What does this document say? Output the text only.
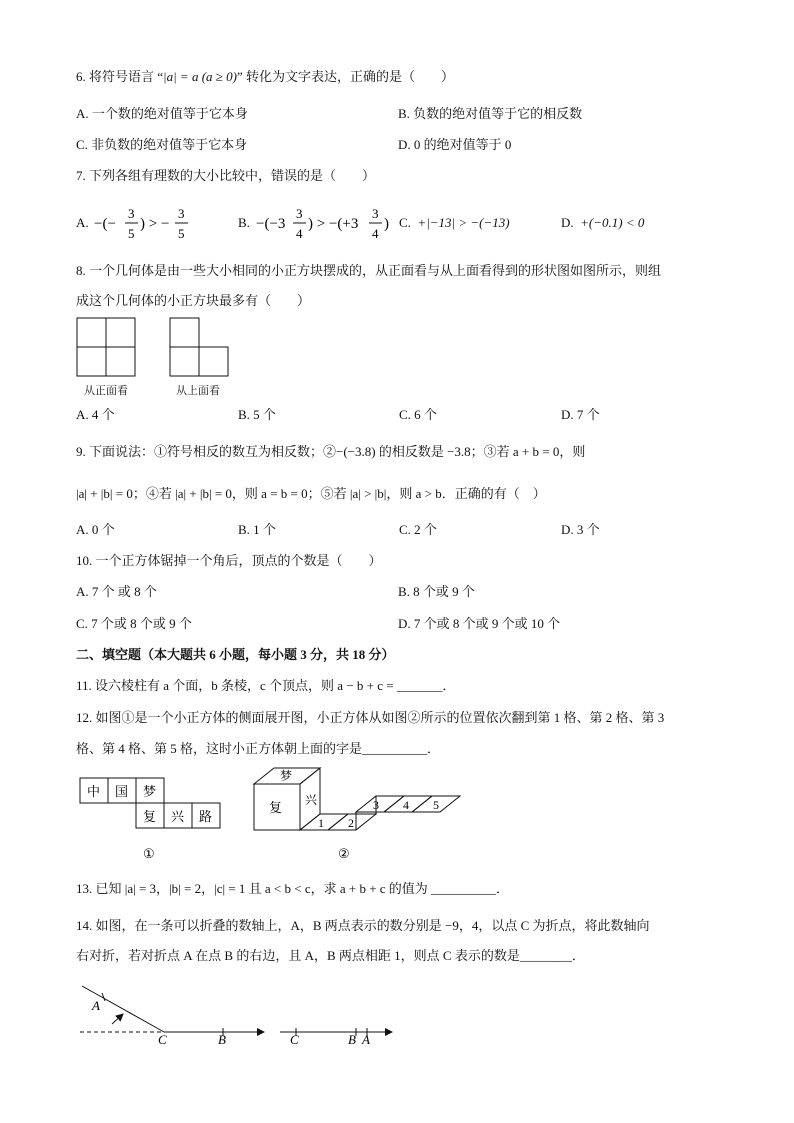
6. 将符号语言 “|a| = a (a ≥ 0)” 转化为文字表达，正确的是（　　）
A. 一个数的绝对值等于它本身	B. 负数的绝对值等于它的相反数
C. 非负数的绝对值等于它本身	D. 0 的绝对值等于 0
7. 下列各组有理数的大小比较中，错误的是（　　）
A. −(−
3
5
) > −
3
5
B. −(−3
3
4
) > −(+3
3
4
) C. +|−13| > −(−13)	D. +(−0.1) < 0
8. 一个几何体是由一些大小相同的小正方块摆成的，从正面看与从上面看得到的形状图如图所示，则组
成这个几何体的小正方块最多有（　　）
从正面看	从上面看
A. 4 个	B. 5 个	C. 6 个	D. 7 个
9. 下面说法：①符号相反的数互为相反数；②−(−3.8) 的相反数是 −3.8；③若 a + b = 0，则
|a| + |b| = 0；④若 |a| + |b| = 0，则 a = b = 0；⑤若 |a| > |b|，则 a > b．正确的有（　）
A. 0 个	B. 1 个	C. 2 个	D. 3 个
10. 一个正方体锯掉一个角后，顶点的个数是（　　）
A. 7 个 或 8 个	B. 8 个或 9 个
C. 7 个或 8 个或 9 个	D. 7 个或 8 个或 9 个或 10 个
二、填空题（本大题共 6 小题，每小题 3 分，共 18 分）
11. 设六棱柱有 a 个面，b 条棱，c 个顶点，则 a − b + c = _______．
12. 如图①是一个小正方体的侧面展开图，小正方体从如图②所示的位置依次翻到第 1 格、第 2 格、第 3
格、第 4 格、第 5 格，这时小正方体朝上面的字是__________．
中 国 梦
复 兴 路
①
梦
复 兴
1 2
3 4 5
②
13. 已知 |a| = 3，|b| = 2，|c| = 1 且 a < b < c，求 a + b + c 的值为 __________．
14. 如图，在一条可以折叠的数轴上，A，B 两点表示的数分别是 −9，4，以点 C 为折点，将此数轴向
右对折，若对折点 A 在点 B 的右边，且 A，B 两点相距 1，则点 C 表示的数是________．
A
C	B	C	B A
